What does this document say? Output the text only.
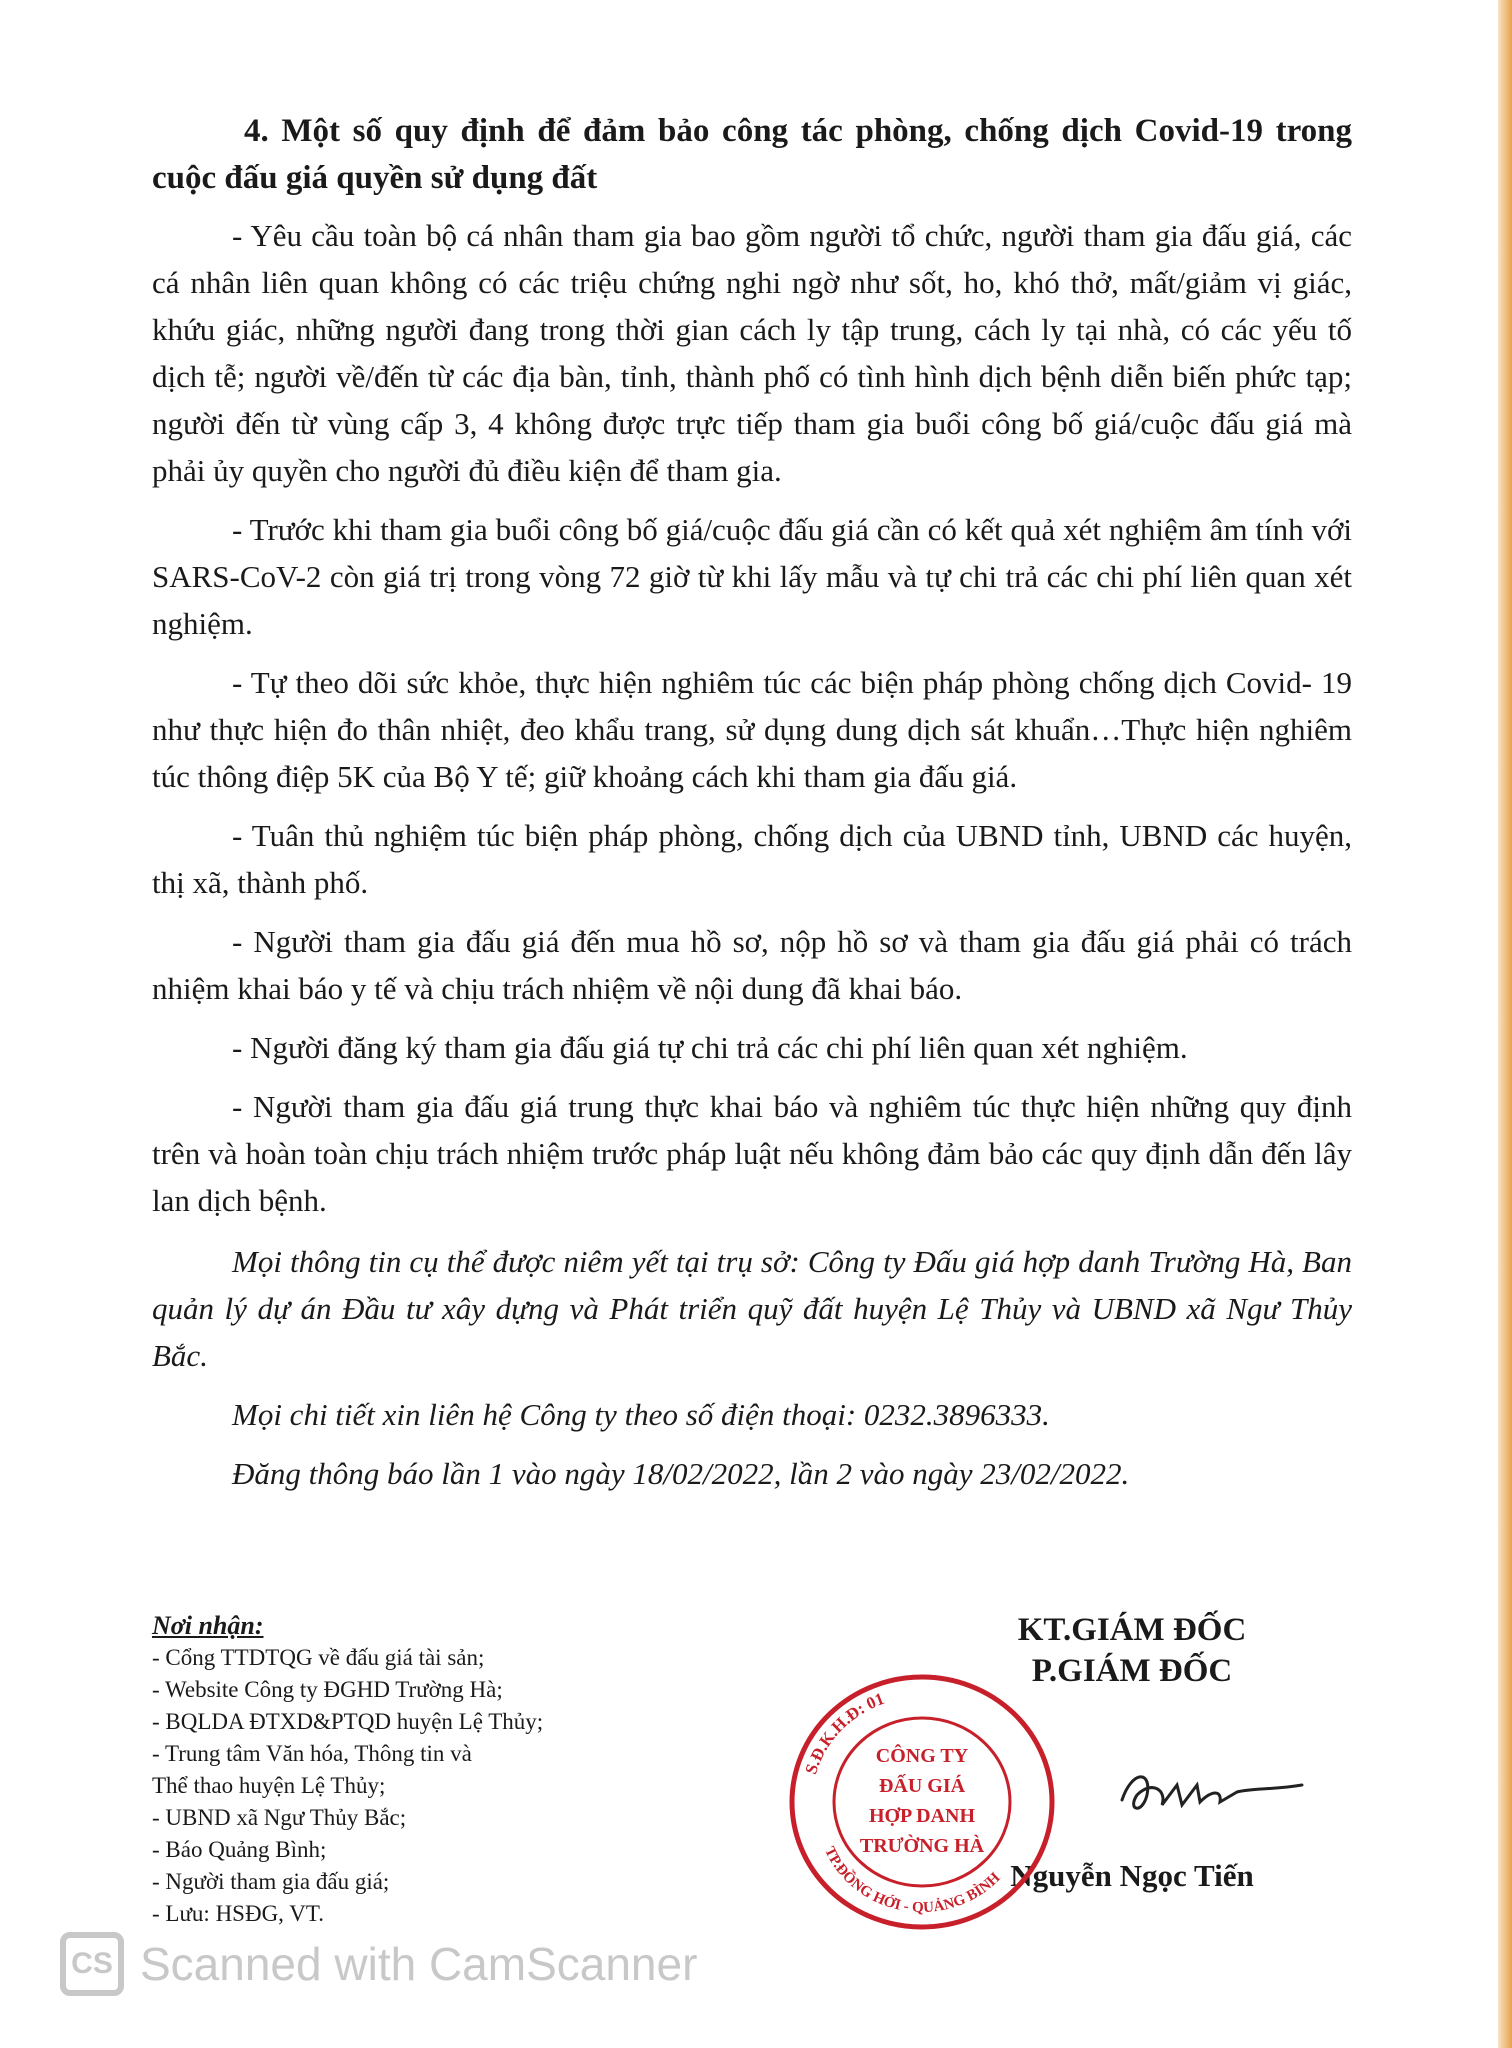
4. Một số quy định để đảm bảo công tác phòng, chống dịch Covid-19 trong cuộc đấu giá quyền sử dụng đất

- Yêu cầu toàn bộ cá nhân tham gia bao gồm người tổ chức, người tham gia đấu giá, các cá nhân liên quan không có các triệu chứng nghi ngờ như sốt, ho, khó thở, mất/giảm vị giác, khứu giác, những người đang trong thời gian cách ly tập trung, cách ly tại nhà, có các yếu tố dịch tễ; người về/đến từ các địa bàn, tỉnh, thành phố có tình hình dịch bệnh diễn biến phức tạp; người đến từ vùng cấp 3, 4 không được trực tiếp tham gia buổi công bố giá/cuộc đấu giá mà phải ủy quyền cho người đủ điều kiện để tham gia.

- Trước khi tham gia buổi công bố giá/cuộc đấu giá cần có kết quả xét nghiệm âm tính với SARS-CoV-2 còn giá trị trong vòng 72 giờ từ khi lấy mẫu và tự chi trả các chi phí liên quan xét nghiệm.

- Tự theo dõi sức khỏe, thực hiện nghiêm túc các biện pháp phòng chống dịch Covid- 19 như thực hiện đo thân nhiệt, đeo khẩu trang, sử dụng dung dịch sát khuẩn…Thực hiện nghiêm túc thông điệp 5K của Bộ Y tế; giữ khoảng cách khi tham gia đấu giá.

- Tuân thủ nghiệm túc biện pháp phòng, chống dịch của UBND tỉnh, UBND các huyện, thị xã, thành phố.

- Người tham gia đấu giá đến mua hồ sơ, nộp hồ sơ và tham gia đấu giá phải có trách nhiệm khai báo y tế và chịu trách nhiệm về nội dung đã khai báo.

- Người đăng ký tham gia đấu giá tự chi trả các chi phí liên quan xét nghiệm.

- Người tham gia đấu giá trung thực khai báo và nghiêm túc thực hiện những quy định trên và hoàn toàn chịu trách nhiệm trước pháp luật nếu không đảm bảo các quy định dẫn đến lây lan dịch bệnh.

Mọi thông tin cụ thể được niêm yết tại trụ sở: Công ty Đấu giá hợp danh Trường Hà, Ban quản lý dự án Đầu tư xây dựng và Phát triển quỹ đất huyện Lệ Thủy và UBND xã Ngư Thủy Bắc.

Mọi chi tiết xin liên hệ Công ty theo số điện thoại: 0232.3896333.

Đăng thông báo lần 1 vào ngày 18/02/2022, lần 2 vào ngày 23/02/2022.

Nơi nhận:
- Cổng TTDTQG về đấu giá tài sản;
- Website Công ty ĐGHD Trường Hà;
- BQLDA ĐTXD&PTQD huyện Lệ Thủy;
- Trung tâm Văn hóa, Thông tin và
Thể thao huyện Lệ Thủy;
- UBND xã Ngư Thủy Bắc;
- Báo Quảng Bình;
- Người tham gia đấu giá;
- Lưu: HSĐG, VT.
KT.GIÁM ĐỐC
P.GIÁM ĐỐC
Nguyễn Ngọc Tiến
S.Đ.K.H.Đ: 01
TP.ĐỒNG HỚI - QUẢNG BÌNH
CÔNG TY
ĐẤU GIÁ
HỢP DANH
TRƯỜNG HÀ
CS Scanned with CamScanner
